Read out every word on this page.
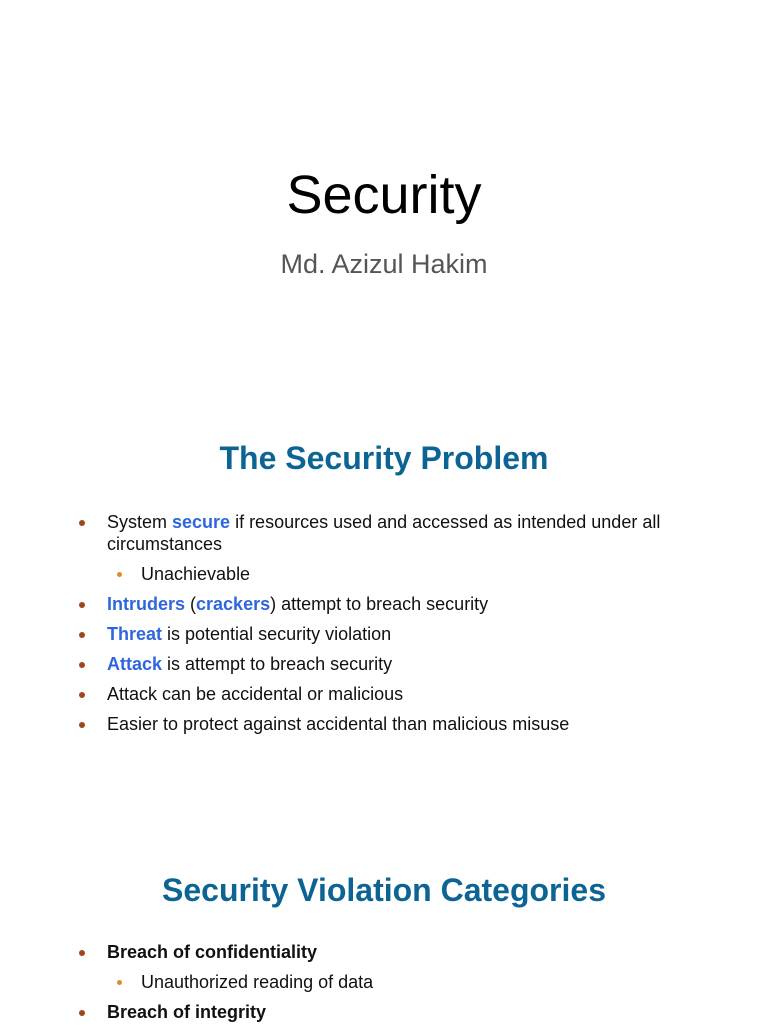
Security
Md. Azizul Hakim
The Security Problem
System secure if resources used and accessed as intended under all circumstances
Unachievable
Intruders (crackers) attempt to breach security
Threat is potential security violation
Attack is attempt to breach security
Attack can be accidental or malicious
Easier to protect against accidental than malicious misuse
Security Violation Categories
Breach of confidentiality
Unauthorized reading of data
Breach of integrity
